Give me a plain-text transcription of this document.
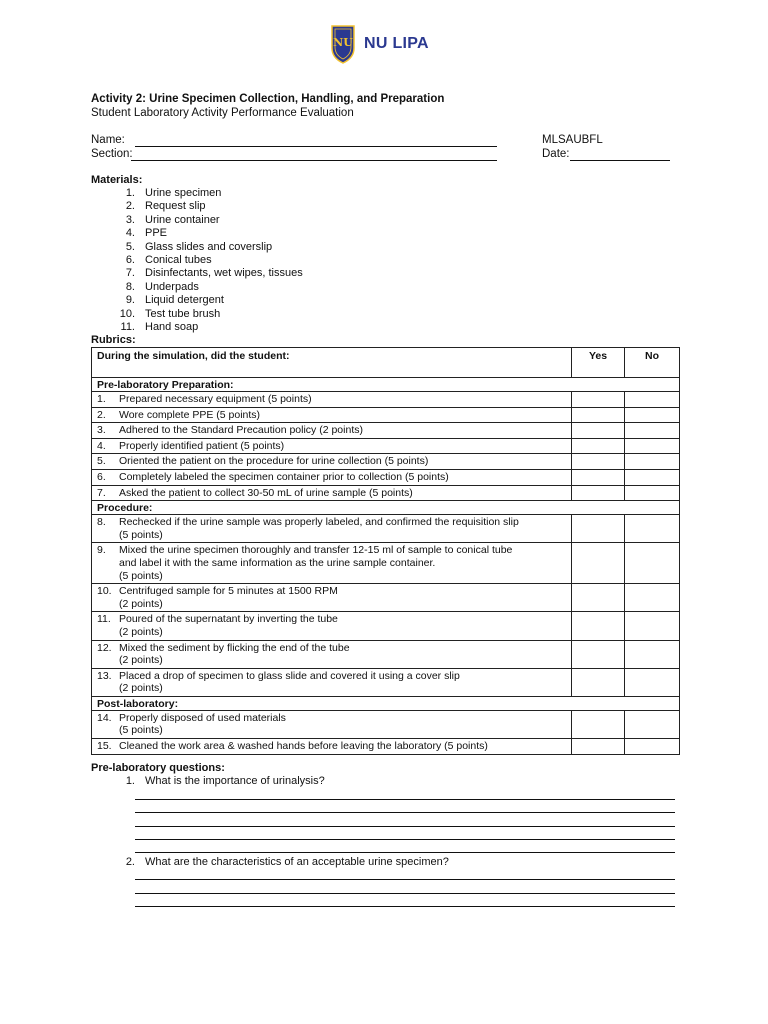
NU NU LIPA
Activity 2: Urine Specimen Collection, Handling, and Preparation
Student Laboratory Activity Performance Evaluation
Name:
Section:
MLSAUBFL
Date:
Materials:
1. Urine specimen
2. Request slip
3. Urine container
4. PPE
5. Glass slides and coverslip
6. Conical tubes
7. Disinfectants, wet wipes, tissues
8. Underpads
9. Liquid detergent
10. Test tube brush
11. Hand soap
Rubrics:
During the simulation, did the student:	Yes	No
Pre-laboratory Preparation:		

1. Prepared necessary equipment (5 points)		

2. Wore complete PPE (5 points)		

3. Adhered to the Standard Precaution policy (2 points)		

4. Properly identified patient (5 points)		

5. Oriented the patient on the procedure for urine collection (5 points)		

6. Completely labeled the specimen container prior to collection (5 points)		

7. Asked the patient to collect 30-50 mL of urine sample (5 points)		

Procedure:		

8. Rechecked if the urine sample was properly labeled, and confirmed the requisition slip
(5 points)		

9. Mixed the urine specimen thoroughly and transfer 12-15 ml of sample to conical tube
and label it with the same information as the urine sample container.
(5 points)		

10. Centrifuged sample for 5 minutes at 1500 RPM
(2 points)		

11. Poured of the supernatant by inverting the tube
(2 points)		

12. Mixed the sediment by flicking the end of the tube
(2 points)		

13. Placed a drop of specimen to glass slide and covered it using a cover slip
(2 points)		

Post-laboratory:		

14. Properly disposed of used materials
(5 points)		

15. Cleaned the work area & washed hands before leaving the laboratory (5 points)		

Pre-laboratory questions:
1. What is the importance of urinalysis?
2. What are the characteristics of an acceptable urine specimen?
